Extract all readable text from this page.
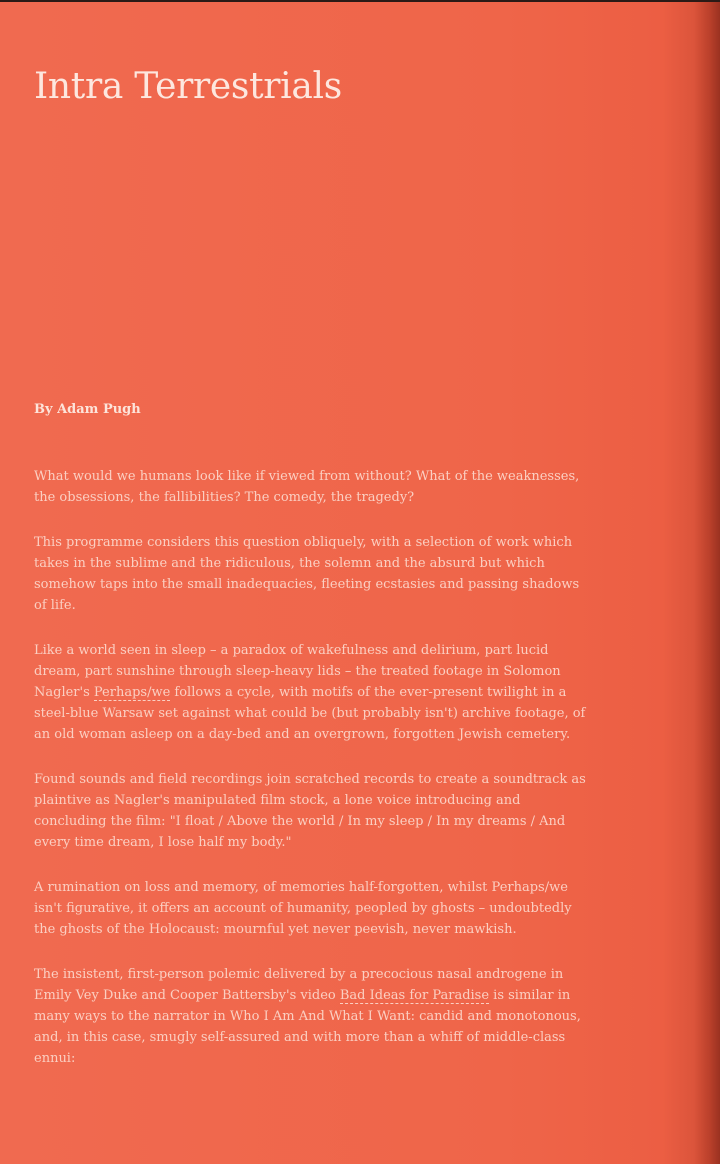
Intra Terrestrials

By Adam Pugh

What would we humans look like if viewed from without? What of the weaknesses, the obsessions, the fallibilities? The comedy, the tragedy?

This programme considers this question obliquely, with a selection of work which takes in the sublime and the ridiculous, the solemn and the absurd but which somehow taps into the small inadequacies, fleeting ecstasies and passing shadows of life.

Like a world seen in sleep – a paradox of wakefulness and delirium, part lucid dream, part sunshine through sleep-heavy lids – the treated footage in Solomon Nagler's Perhaps/we follows a cycle, with motifs of the ever-present twilight in a steel-blue Warsaw set against what could be (but probably isn't) archive footage, of an old woman asleep on a day-bed and an overgrown, forgotten Jewish cemetery.

Found sounds and field recordings join scratched records to create a soundtrack as plaintive as Nagler's manipulated film stock, a lone voice introducing and concluding the film: "I float / Above the world / In my sleep / In my dreams / And every time dream, I lose half my body."

A rumination on loss and memory, of memories half-forgotten, whilst Perhaps/we isn't figurative, it offers an account of humanity, peopled by ghosts – undoubtedly the ghosts of the Holocaust: mournful yet never peevish, never mawkish.

The insistent, first-person polemic delivered by a precocious nasal androgene in Emily Vey Duke and Cooper Battersby's video Bad Ideas for Paradise is similar in many ways to the narrator in Who I Am And What I Want: candid and monotonous, and, in this case, smugly self-assured and with more than a whiff of middle-class ennui:
